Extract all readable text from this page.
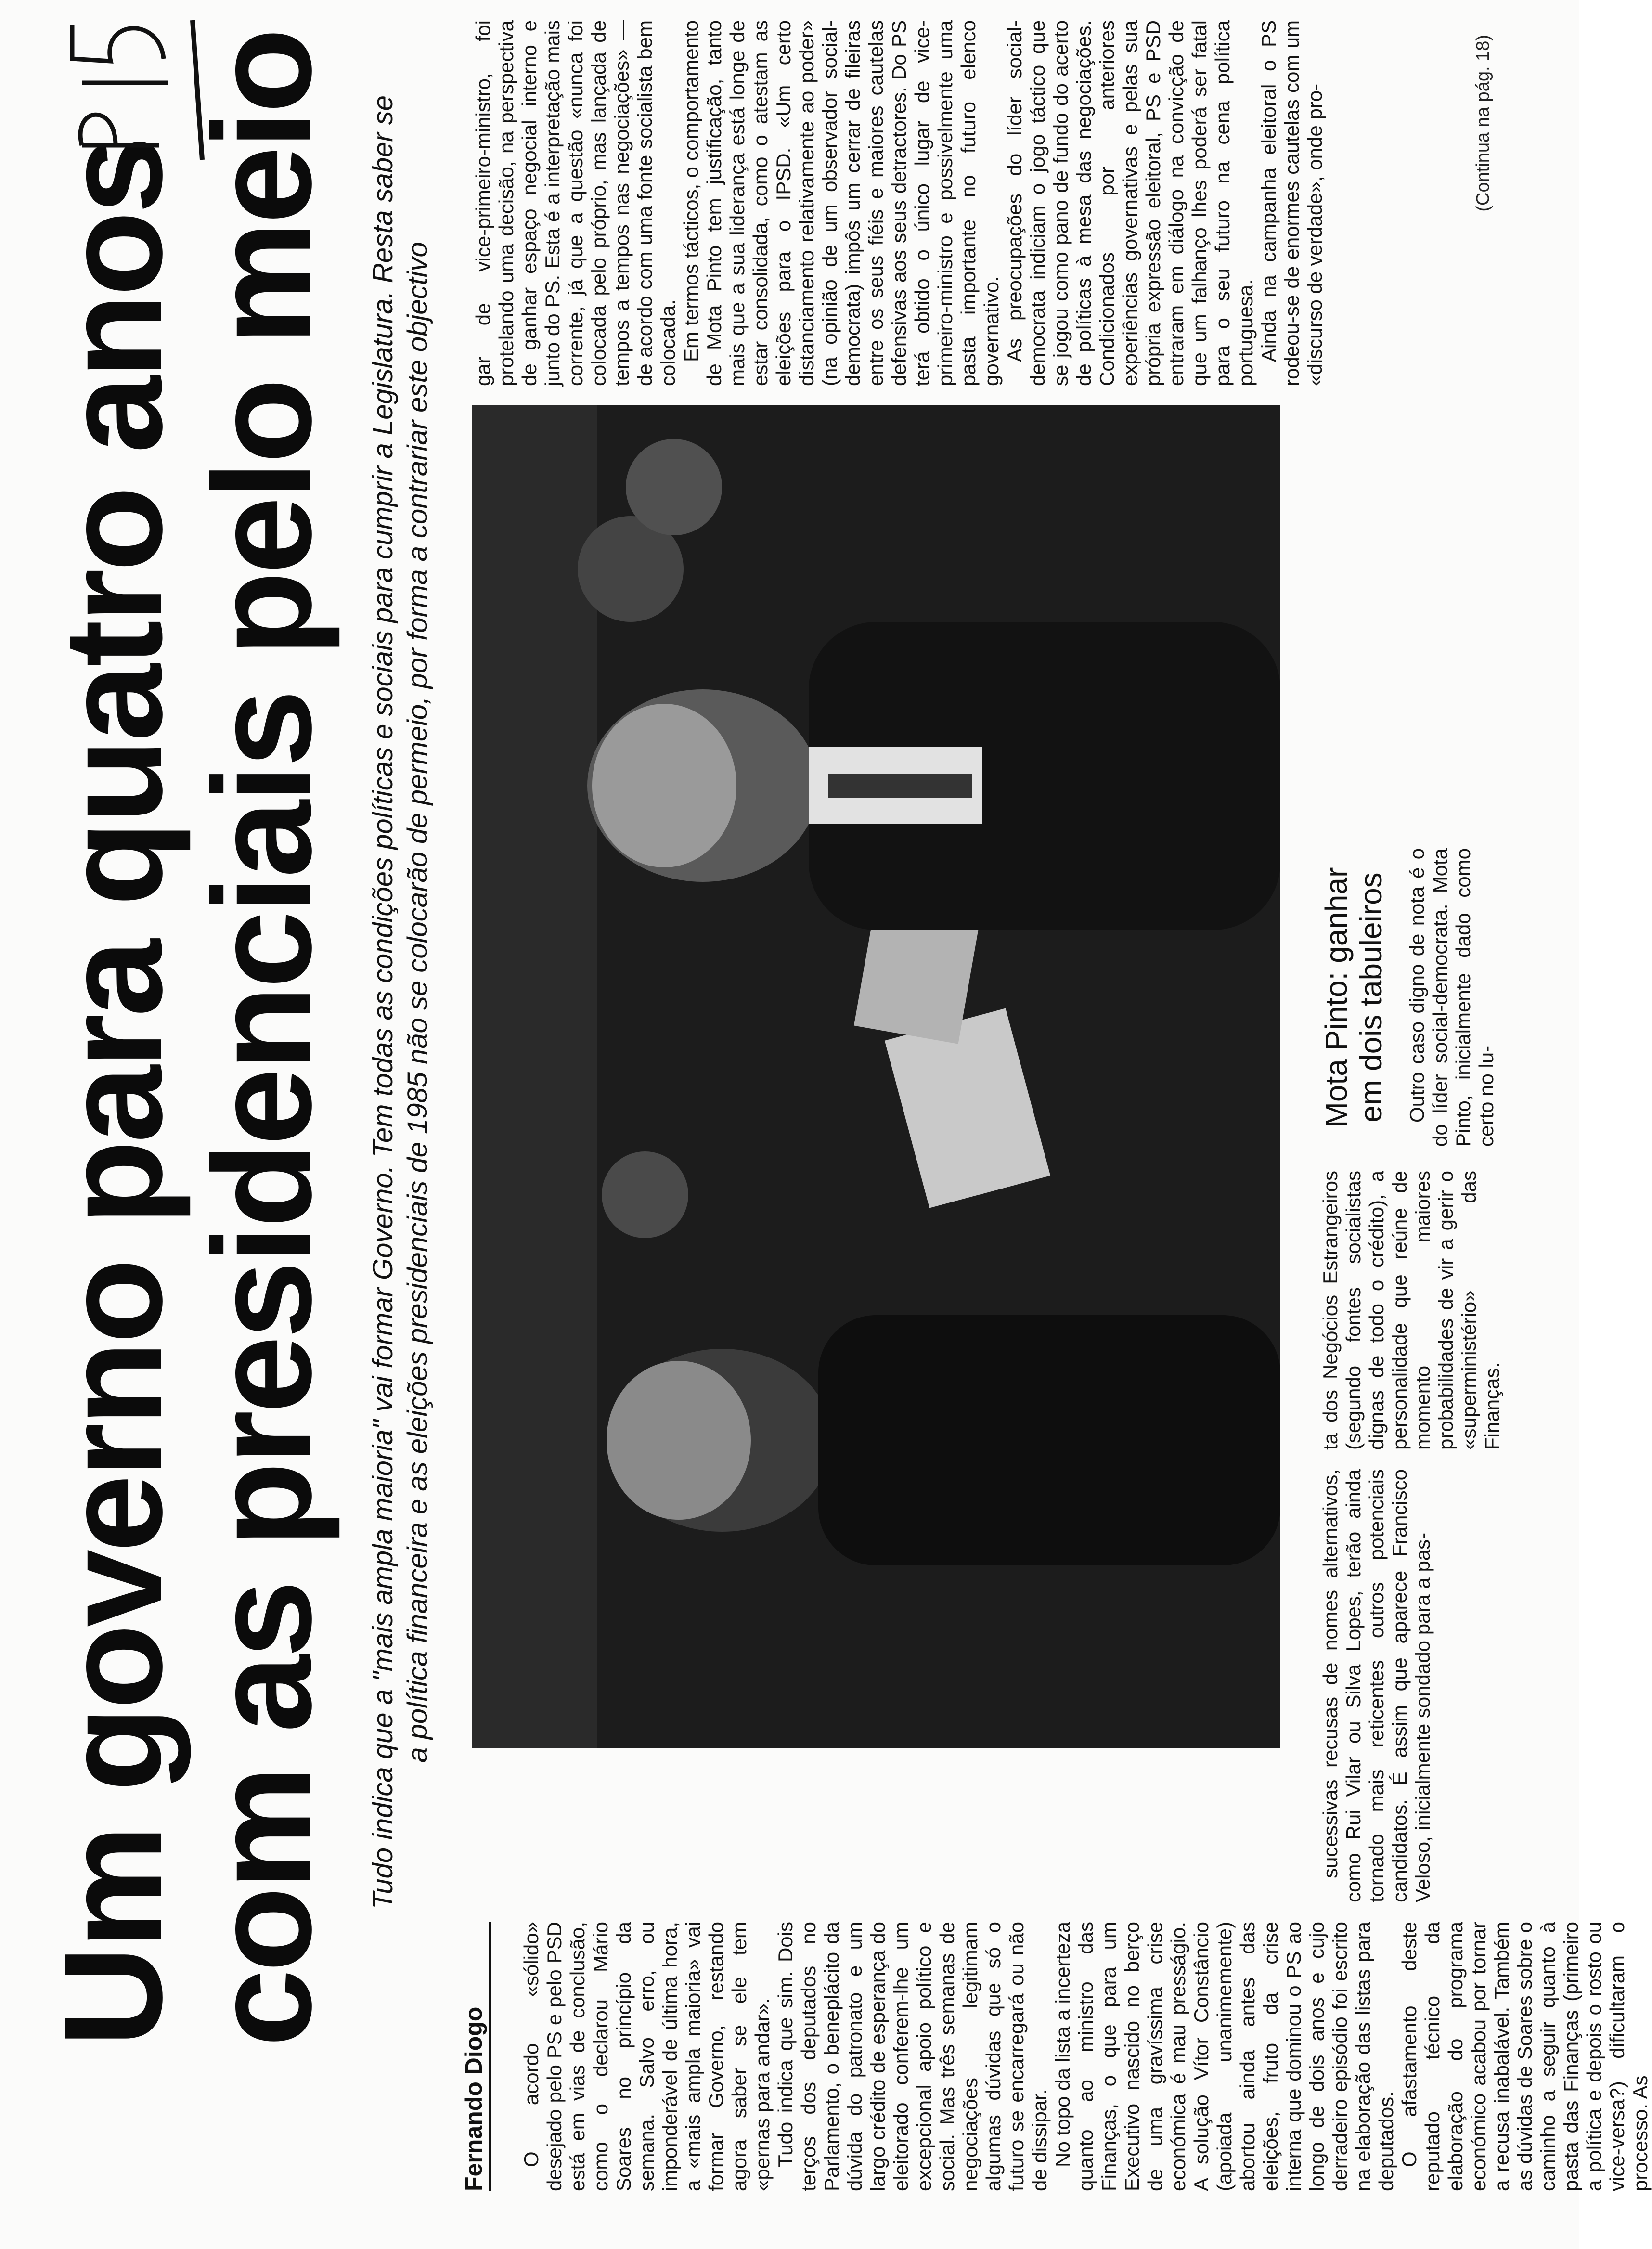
Um governo para quatro anos
com as presidenciais pelo meio Tudo indica que a "mais ampla maioria" vai formar Governo. Tem todas as condições políticas e sociais para cumprir a Legislatura. Resta saber se a política financeira e as eleições presidenciais de 1985 não se colocarão de permeio, por forma a contrariar este objectivo
Fernando Diogo O acordo «sólido» desejado pelo PS e pelo PSD está em vias de conclusão, como o declarou Mário Soares no princípio da semana. Salvo erro, ou imponderável de última hora, a «mais ampla maioria» vai formar Governo, restando agora saber se ele tem «pernas para andar». Tudo indica que sim. Dois terços dos deputados no Parlamento, o beneplácito da dúvida do patronato e um largo crédito de esperança do eleitorado conferem-lhe um excepcional apoio político e social. Mas três semanas de negociações legitimam algumas dúvidas que só o futuro se encarregará ou não de dissipar. No topo da lista a incerteza quanto ao ministro das Finanças, o que para um Executivo nascido no berço de uma gravíssima crise económica é mau presságio. A solução Vítor Constâncio (apoiada unanimemente) abortou ainda antes das eleições, fruto da crise interna que dominou o PS ao longo de dois anos e cujo derradeiro episódio foi escrito na elaboração das listas para deputados. O afastamento deste reputado técnico da elaboração do programa económico acabou por tornar a recusa inabalável. Também as dúvidas de Soares sobre o caminho a seguir quanto à pasta das Finanças (primeiro a política e depois o rosto ou vice-versa?) dificultaram o processo. As

sucessivas recusas de nomes alternativos, como Rui Vilar ou Silva Lopes, terão ainda tornado mais reticentes outros potenciais candidatos. É assim que aparece Francisco Veloso, inicialmente sondado para a pas-

ta dos Negócios Estrangeiros (segundo fontes socialistas dignas de todo o crédito), a personalidade que reúne de momento maiores probabilidades de vir a gerir o «superministério» das Finanças.

Mota Pinto: ganhar em dois tabuleiros Outro caso digno de nota é o do líder social-democrata. Mota Pinto, inicialmente dado como certo no lu-

gar de vice-primeiro-ministro, foi protelando uma decisão, na perspectiva de ganhar espaço negocial interno e junto do PS. Esta é a interpretação mais corrente, já que a questão «nunca foi colocada pelo próprio, mas lançada de tempos a tempos nas negociações» — de acordo com uma fonte socialista bem colocada. Em termos tácticos, o comportamento de Mota Pinto tem justificação, tanto mais que a sua liderança está longe de estar consolidada, como o atestam as eleições para o IPSD. «Um certo distanciamento relativamente ao poder» (na opinião de um observador social-democrata) impôs um cerrar de fileiras entre os seus fiéis e maiores cautelas defensivas aos seus detractores. Do PS terá obtido o único lugar de vice-primeiro-ministro e possivelmente uma pasta importante no futuro elenco governativo. As preocupações do líder social-democrata indiciam o jogo táctico que se jogou como pano de fundo do acerto de políticas à mesa das negociações. Condicionados por anteriores experiências governativas e pelas sua própria expressão eleitoral, PS e PSD entraram em diálogo na convicção de que um falhanço lhes poderá ser fatal para o seu futuro na cena política portuguesa. Ainda na campanha eleitoral o PS rodeou-se de enormes cautelas com um «discurso de verdade», onde pro-	(Continua na pág. 18)
